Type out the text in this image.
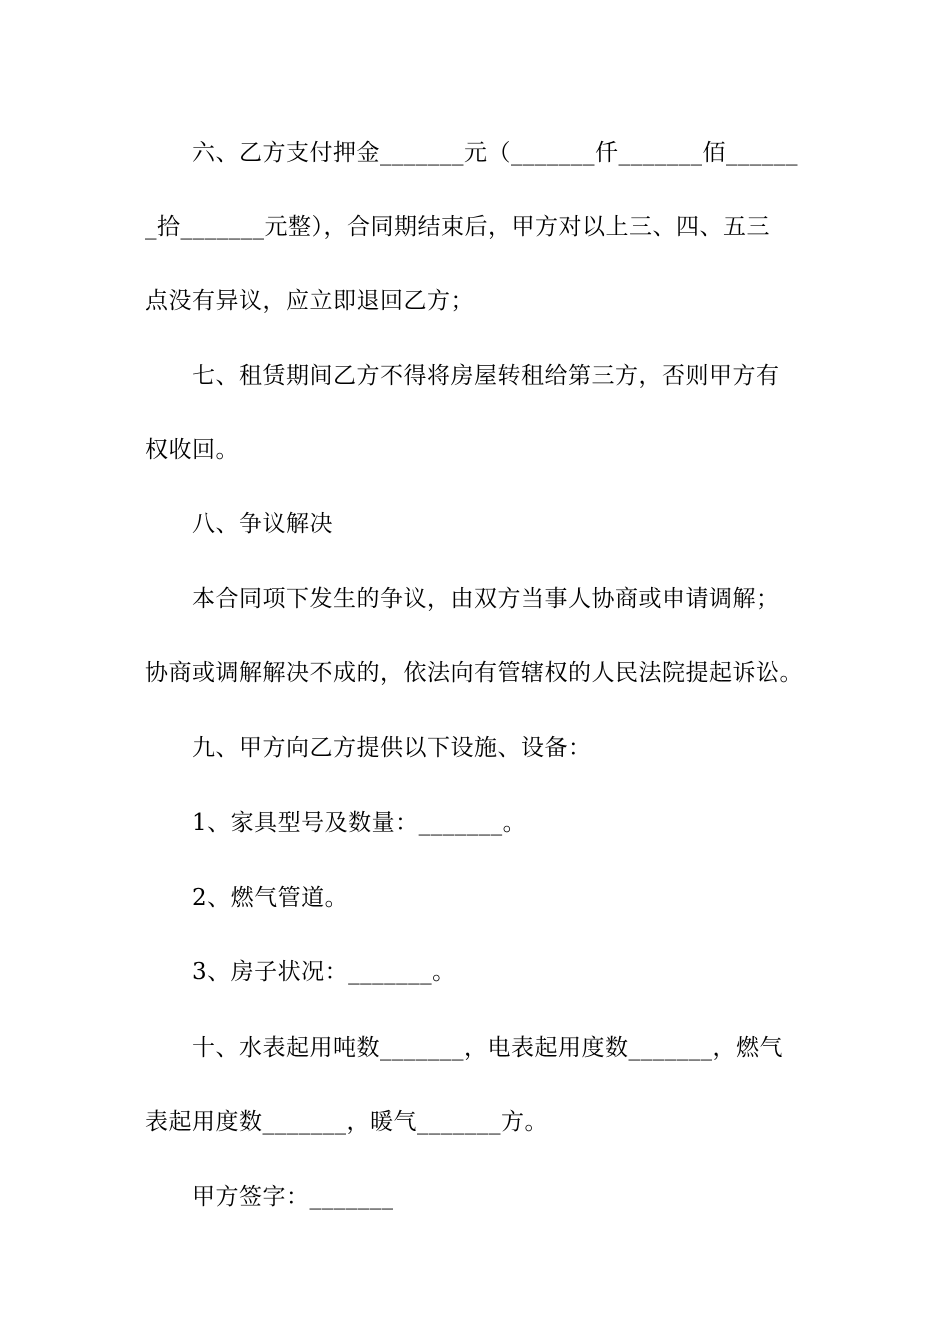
六、乙方支付押金_______元（_______仟_______佰______
_拾_______元整），合同期结束后，甲方对以上三、四、五三
点没有异议，应立即退回乙方；
七、租赁期间乙方不得将房屋转租给第三方，否则甲方有
权收回。
八、争议解决
本合同项下发生的争议，由双方当事人协商或申请调解；
协商或调解解决不成的，依法向有管辖权的人民法院提起诉讼。
九、甲方向乙方提供以下设施、设备：
1、家具型号及数量：_______。
2、燃气管道。
3、房子状况：_______。
十、水表起用吨数_______，电表起用度数_______，燃气
表起用度数_______，暖气_______方。
甲方签字：_______
